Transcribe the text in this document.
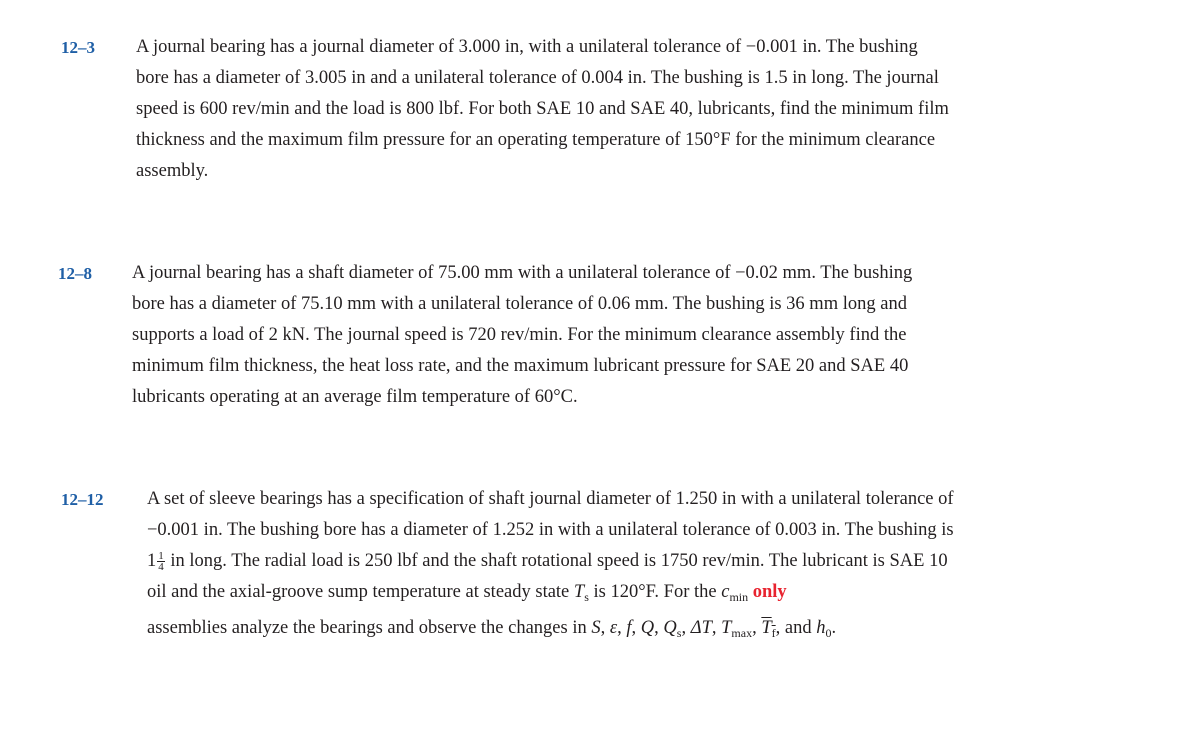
12–3 A journal bearing has a journal diameter of 3.000 in, with a unilateral tolerance of −0.001 in. The bushing
bore has a diameter of 3.005 in and a unilateral tolerance of 0.004 in. The bushing is 1.5 in long. The journal
speed is 600 rev/min and the load is 800 lbf. For both SAE 10 and SAE 40, lubricants, find the minimum film
thickness and the maximum film pressure for an operating temperature of 150°F for the minimum clearance
assembly.
12–8 A journal bearing has a shaft diameter of 75.00 mm with a unilateral tolerance of −0.02 mm. The bushing
bore has a diameter of 75.10 mm with a unilateral tolerance of 0.06 mm. The bushing is 36 mm long and
supports a load of 2 kN. The journal speed is 720 rev/min. For the minimum clearance assembly find the
minimum film thickness, the heat loss rate, and the maximum lubricant pressure for SAE 20 and SAE 40
lubricants operating at an average film temperature of 60°C.
12–12 A set of sleeve bearings has a specification of shaft journal diameter of 1.250 in with a unilateral tolerance of
−0.001 in. The bushing bore has a diameter of 1.252 in with a unilateral tolerance of 0.003 in. The bushing is
$1 \frac{1}{4}$ in long. The radial load is 250 lbf and the shaft rotational speed is 1750 rev/min. The lubricant is SAE 10
oil and the axial-groove sump temperature at steady state $T_s$ is 120°F. For the $c_{min}$ only
assemblies analyze the bearings and observe the changes in S, ε, f, Q, $Q_s$, ΔT, $T_{max}$, $T_f$, and $h_0$.
